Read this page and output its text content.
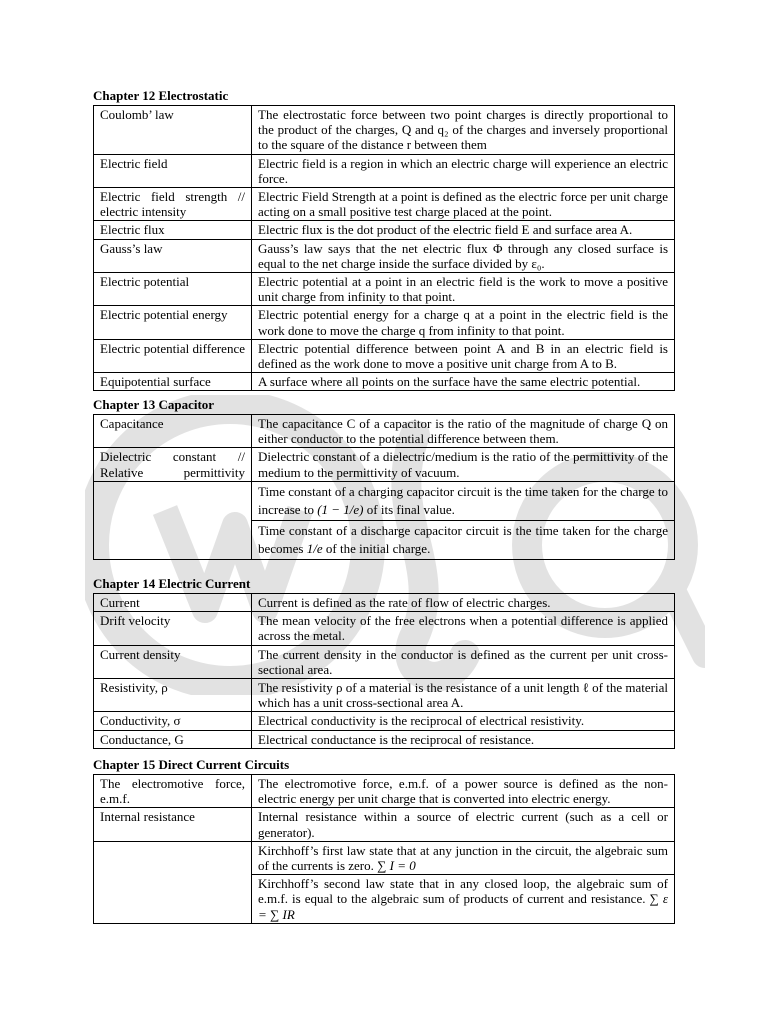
Chapter 12 Electrostatic
Coulomb’ law	The electrostatic force between two point charges is directly proportional to the product of the charges, Q and q₂ of the charges and inversely proportional to the square of the distance r between them
Electric field	Electric field is a region in which an electric charge will experience an electric force.
Electric field strength // electric intensity	Electric Field Strength at a point is defined as the electric force per unit charge acting on a small positive test charge placed at the point.
Electric flux	Electric flux is the dot product of the electric field E and surface area A.
Gauss’s law	Gauss’s law says that the net electric flux Φ through any closed surface is equal to the net charge inside the surface divided by ε₀.
Electric potential	Electric potential at a point in an electric field is the work to move a positive unit charge from infinity to that point.
Electric potential energy	Electric potential energy for a charge q at a point in the electric field is the work done to move the charge q from infinity to that point.
Electric potential difference	Electric potential difference between point A and B in an electric field is defined as the work done to move a positive unit charge from A to B.
Equipotential surface	A surface where all points on the surface have the same electric potential.
Chapter 13 Capacitor
Capacitance	The capacitance C of a capacitor is the ratio of the magnitude of charge Q on either conductor to the potential difference between them.
Dielectric constant // Relative permittivity	Dielectric constant of a dielectric/medium is the ratio of the permittivity of the medium to the permittivity of vacuum.
	Time constant of a charging capacitor circuit is the time taken for the charge to increase to (1 − 1/e) of its final value.
	Time constant of a discharge capacitor circuit is the time taken for the charge becomes 1/e of the initial charge.
Chapter 14 Electric Current
Current	Current is defined as the rate of flow of electric charges.
Drift velocity	The mean velocity of the free electrons when a potential difference is applied across the metal.
Current density	The current density in the conductor is defined as the current per unit cross-sectional area.
Resistivity, ρ	The resistivity ρ of a material is the resistance of a unit length ℓ of the material which has a unit cross-sectional area A.
Conductivity, σ	Electrical conductivity is the reciprocal of electrical resistivity.
Conductance, G	Electrical conductance is the reciprocal of resistance.
Chapter 15 Direct Current Circuits
The electromotive force, e.m.f.	The electromotive force, e.m.f. of a power source is defined as the non-electric energy per unit charge that is converted into electric energy.
Internal resistance	Internal resistance within a source of electric current (such as a cell or generator).
	Kirchhoff’s first law state that at any junction in the circuit, the algebraic sum of the currents is zero. ∑ I = 0
	Kirchhoff’s second law state that in any closed loop, the algebraic sum of e.m.f. is equal to the algebraic sum of products of current and resistance. ∑ ε = ∑ IR
